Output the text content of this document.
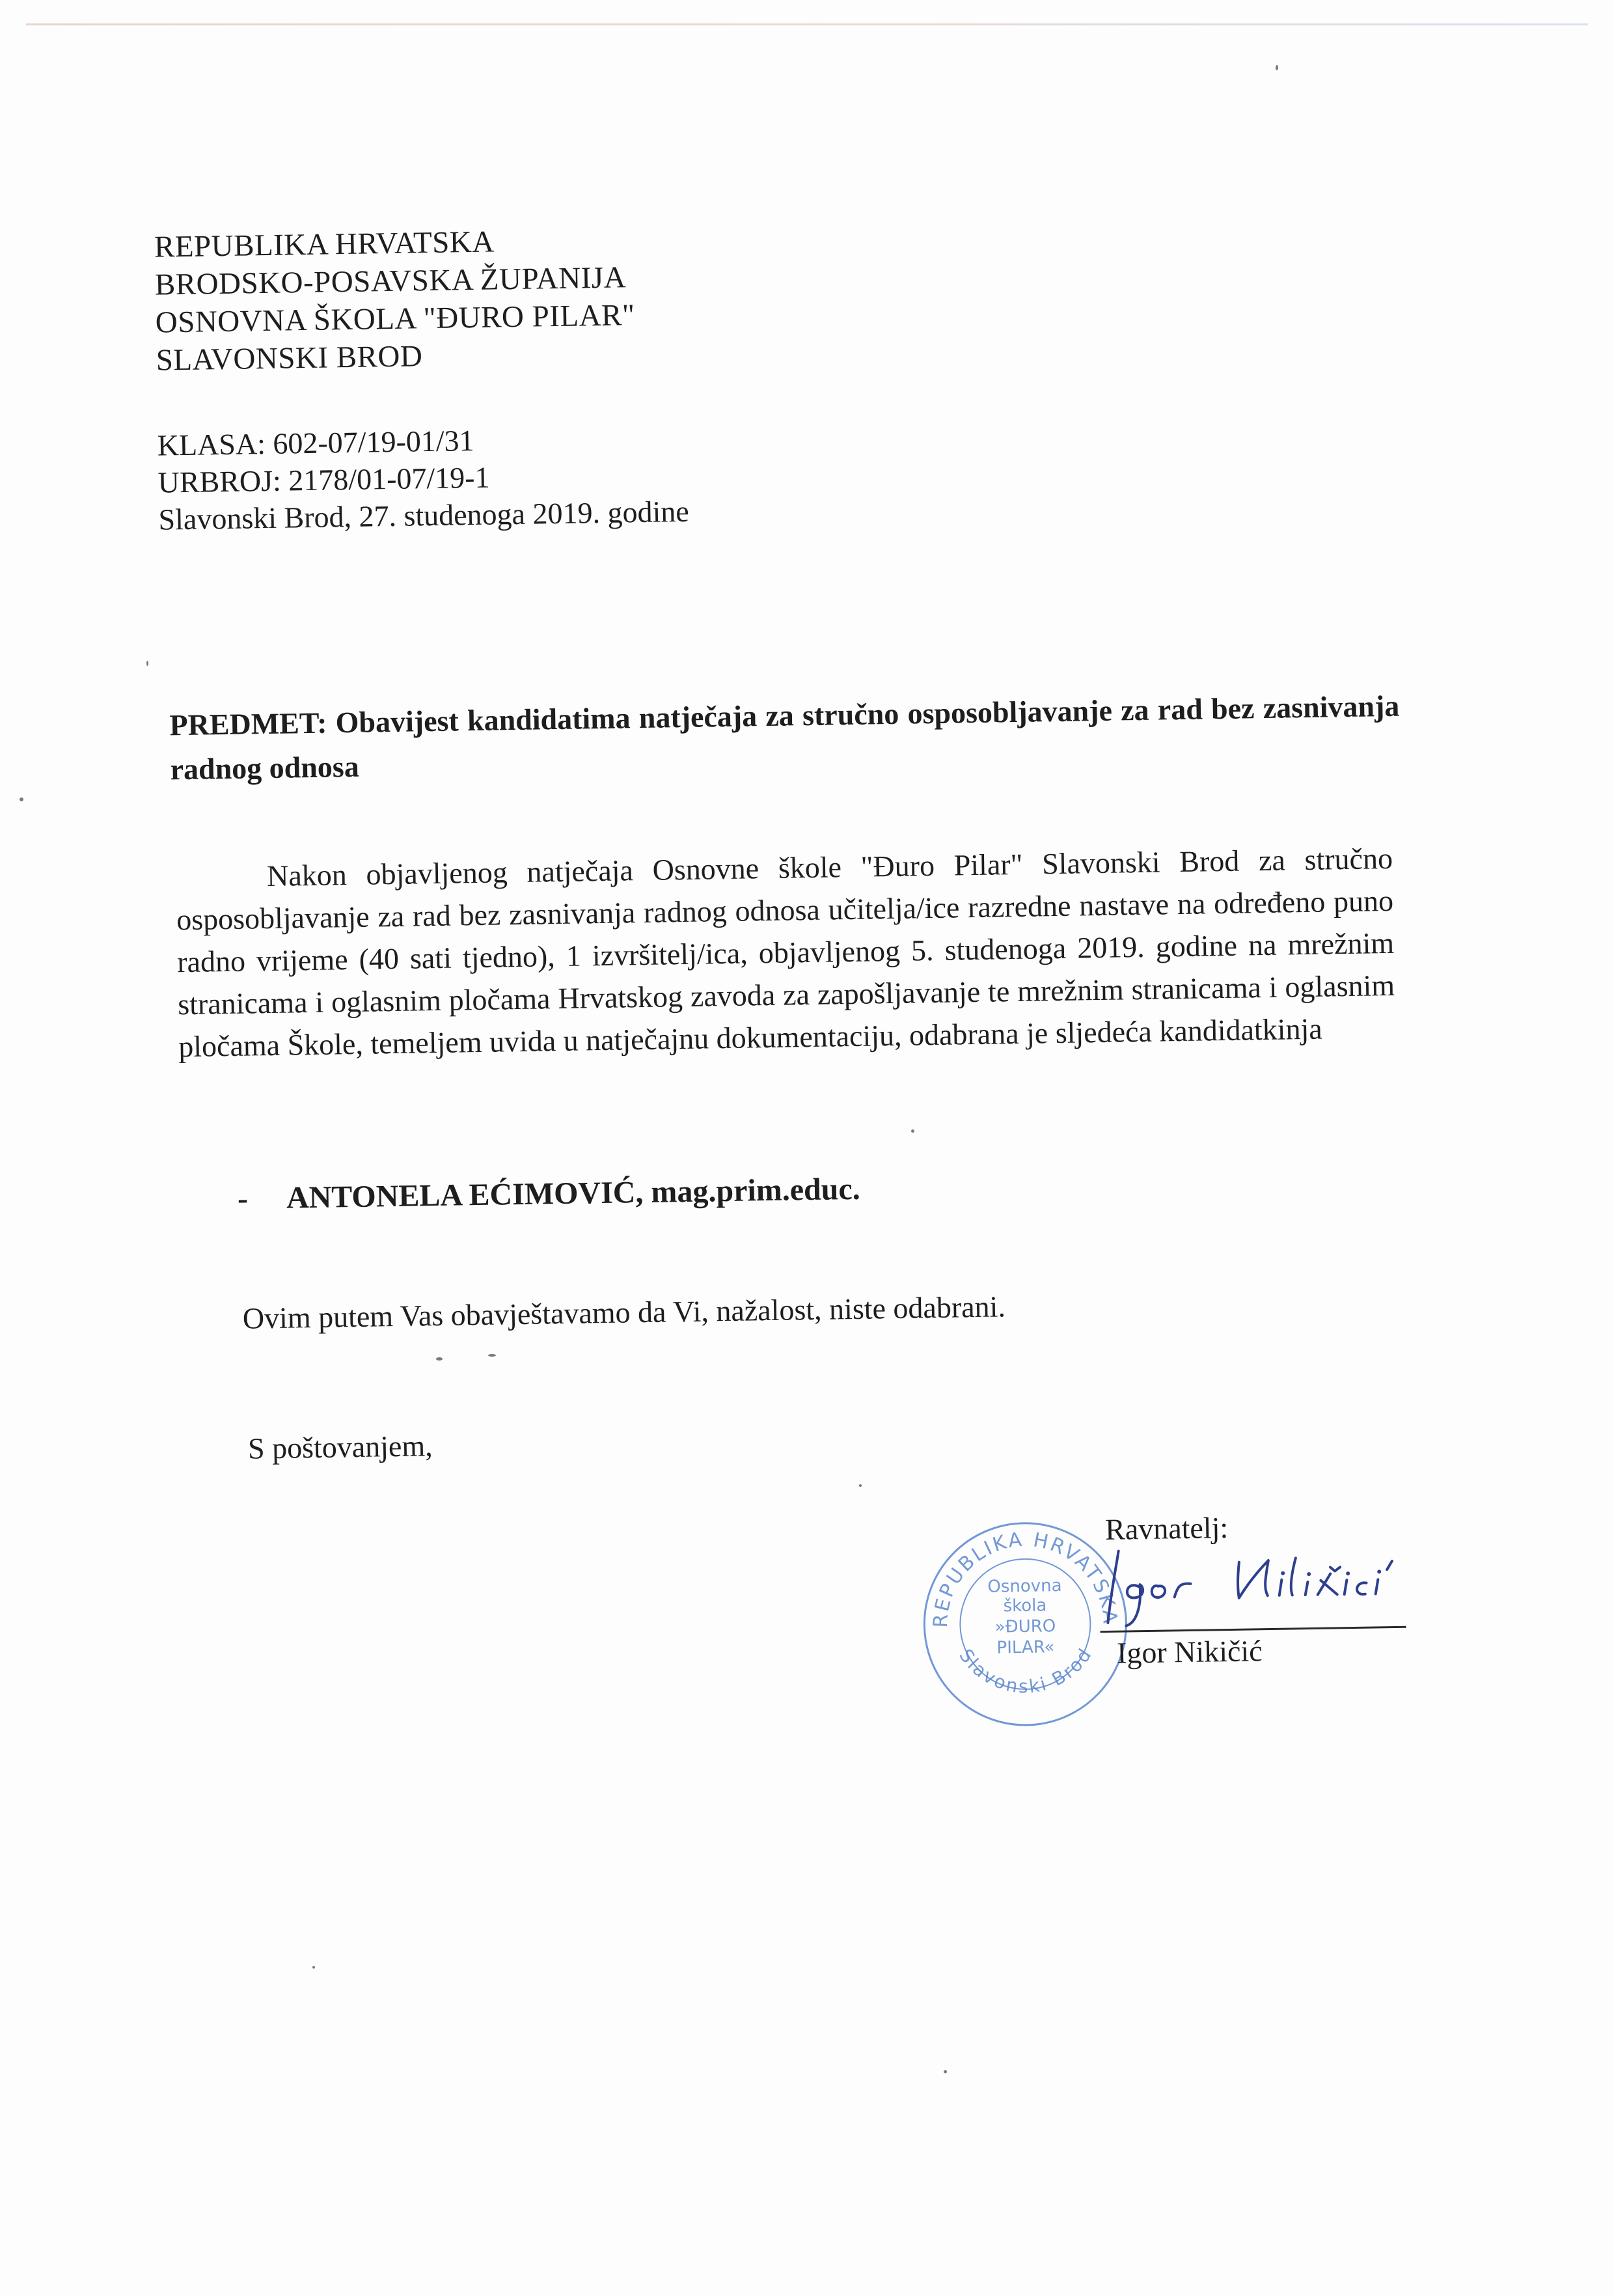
REPUBLIKA HRVATSKA
BRODSKO-POSAVSKA ŽUPANIJA
OSNOVNA ŠKOLA "ĐURO PILAR"
SLAVONSKI BROD
KLASA: 602-07/19-01/31
URBROJ: 2178/01-07/19-1
Slavonski Brod, 27. studenoga 2019. godine
PREDMET: Obavijest kandidatima natječaja za stručno osposobljavanje za rad bez zasnivanja radnog odnosa

Nakon objavljenog natječaja Osnovne škole "Đuro Pilar" Slavonski Brod za stručno osposobljavanje za rad bez zasnivanja radnog odnosa učitelja/ice razredne nastave na određeno puno radno vrijeme (40 sati tjedno), 1 izvršitelj/ica, objavljenog 5. studenoga 2019. godine na mrežnim stranicama i oglasnim pločama Hrvatskog zavoda za zapošljavanje te mrežnim stranicama i oglasnim pločama Škole, temeljem uvida u natječajnu dokumentaciju, odabrana je sljedeća kandidatkinja

- ANTONELA EĆIMOVIĆ, mag.prim.educ.
Ovim putem Vas obavještavamo da Vi, nažalost, niste odabrani.
S poštovanjem,
REPUBLIKA HRVATSKA
Slavonski Brod
Osnovna
škola
»ĐURO
PILAR«
Ravnatelj:
Igor Nikičić
